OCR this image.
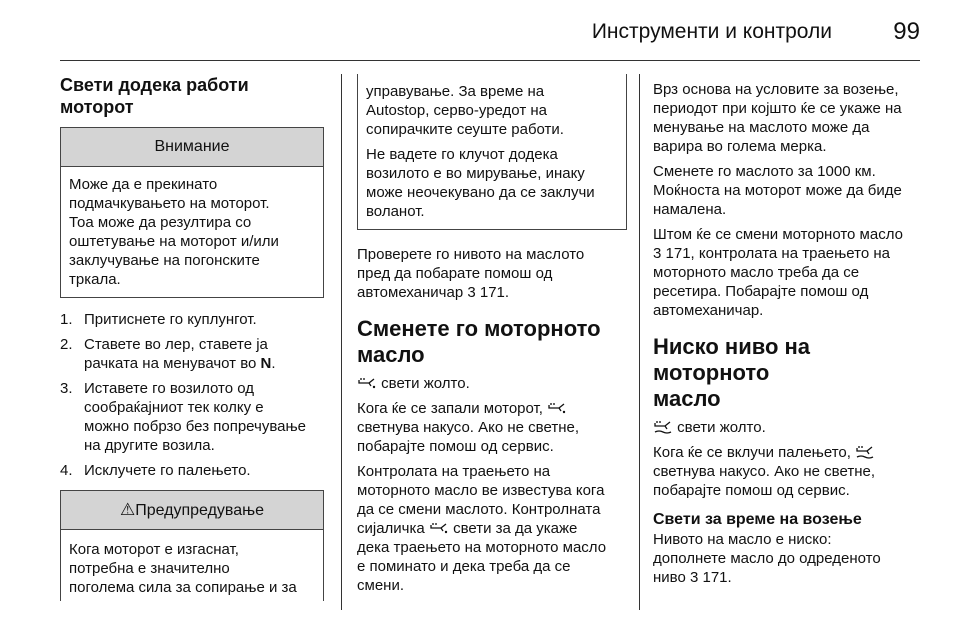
Инструменти и контроли	99
Свети додека работи моторот
Внимание

Може да е прекинато

подмачкувањето на моторот.

Тоа може да резултира со

оштетување на моторот и/или

заклучување на погонските

тркала.

1. Притиснете го куплунгот.
2. Ставете во лер, ставете ја
рачката на менувачот во N.
3. Иставете го возилото од
сообраќајниот тек колку е
можно побрзо без попречување
на другите возила.
4. Исклучете го палењето.
⚠Предупредување

Кога моторот е изгаснат,

потребна е значително

поголема сила за сопирање и за

управување. За време на

Autostop, серво-уредот на

сопирачките сеуште работи.

Не вадете го клучот додека

возилото е во мирување, инаку

може неочекувано да се заклучи

воланот.

Проверете го нивото на маслото

пред да побарате помош од

автомеханичар 3 171.

Сменете го моторното
масло

свети жолто.

Кога ќе се запали моторот,

светнува накусо. Ако не светне,

побарајте помош од сервис.

Контролата на траењето на

моторното масло ве известува кога

да се смени маслото. Контролната

сијаличка  свети за да укаже

дека траењето на моторното масло

е поминато и дека треба да се

смени.

Врз основа на условите за возење,

периодот при којшто ќе се укаже на

менување на маслото може да

варира во голема мерка.

Сменете го маслото за 1000 км.

Моќноста на моторот може да биде

намалена.

Штом ќе се смени моторното масло

3 171, контролата на траењето на

моторното масло треба да се

ресетира. Побарајте помош од

автомеханичар.

Ниско ниво на моторното
масло

свети жолто.

Кога ќе се вклучи палењето,

светнува накусо. Ако не светне,

побарајте помош од сервис.

Свети за време на возење

Нивото на масло е ниско:

дополнете масло до одреденото

ниво 3 171.
